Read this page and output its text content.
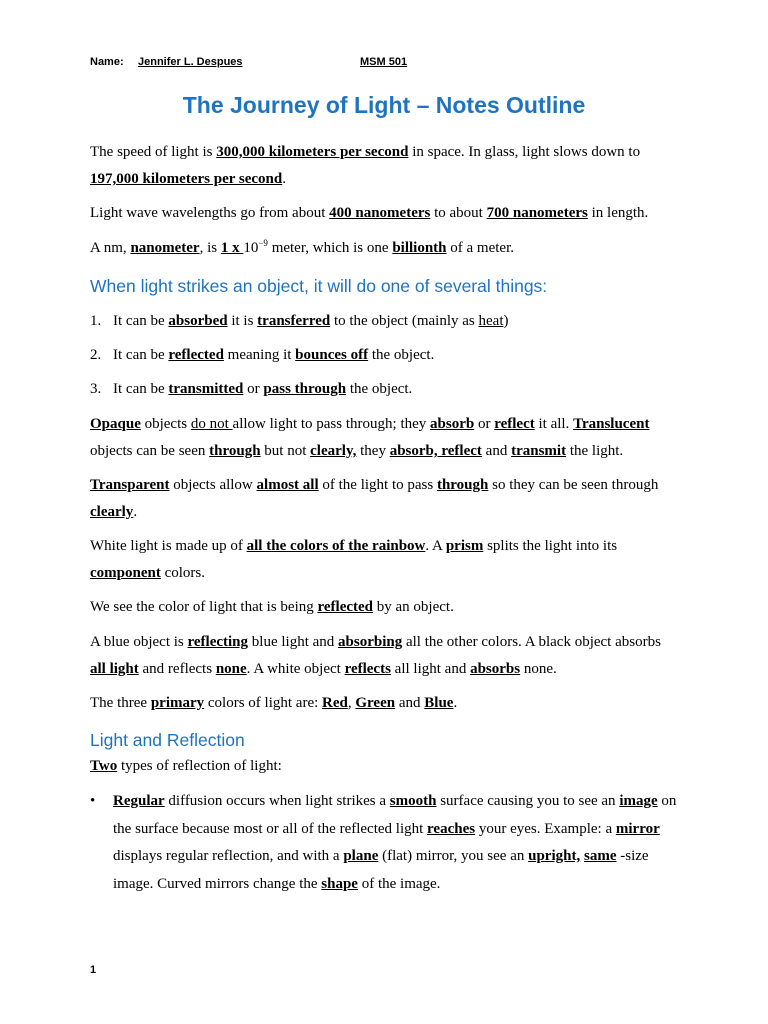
Name: Jennifer L. Despues	MSM 501
The Journey of Light – Notes Outline

The speed of light is 300,000 kilometers per second in space. In glass, light slows down to 197,000 kilometers per second.

Light wave wavelengths go from about 400 nanometers to about 700 nanometers in length.

A nm, nanometer, is 1 x $10^{-9}$ meter, which is one billionth of a meter.

When light strikes an object, it will do one of several things:
1. It can be absorbed it is transferred to the object (mainly as heat)
2. It can be reflected meaning it bounces off the object.
3. It can be transmitted or pass through the object.

Opaque objects do not allow light to pass through; they absorb or reflect it all. Translucent objects can be seen through but not clearly, they absorb, reflect and transmit the light.

Transparent objects allow almost all of the light to pass through so they can be seen through clearly.

White light is made up of all the colors of the rainbow. A prism splits the light into its component colors.

We see the color of light that is being reflected by an object.

A blue object is reflecting blue light and absorbing all the other colors. A black object absorbs all light and reflects none. A white object reflects all light and absorbs none.

The three primary colors of light are: Red, Green and Blue.

Light and Reflection

Two types of reflection of light:

• Regular diffusion occurs when light strikes a smooth surface causing you to see an image on the surface because most or all of the reflected light reaches your eyes. Example: a mirror displays regular reflection, and with a plane (flat) mirror, you see an upright, same -size image. Curved mirrors change the shape of the image.
1
